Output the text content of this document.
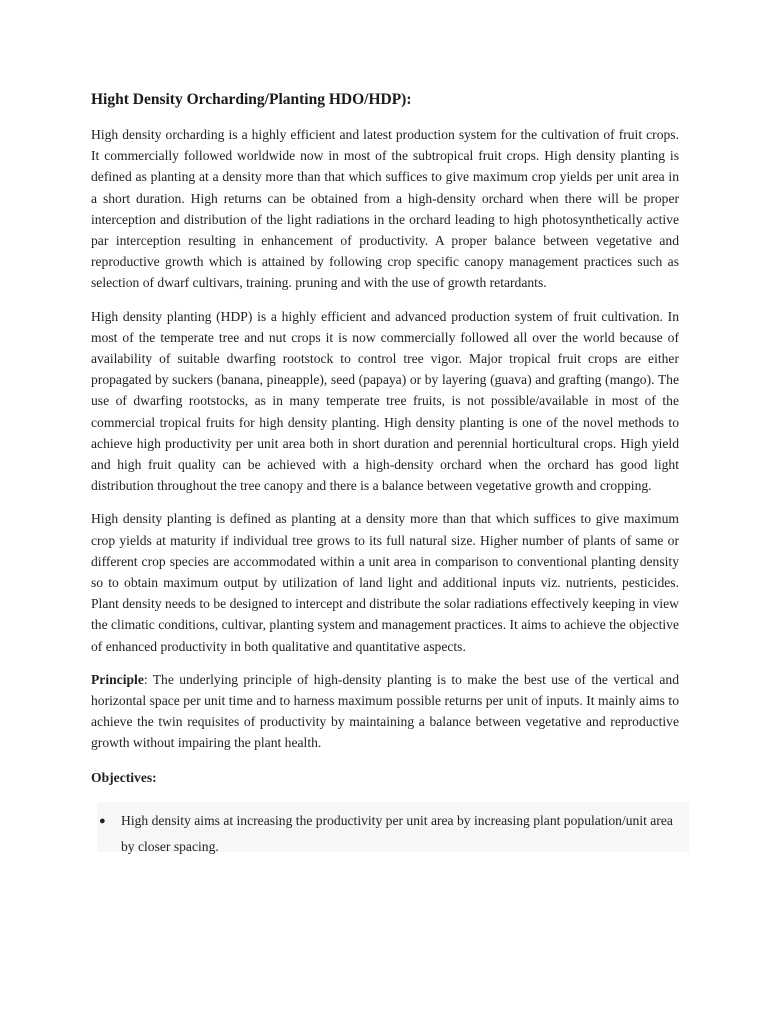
Hight Density Orcharding/Planting HDO/HDP):

High density orcharding is a highly efficient and latest production system for the cultivation of fruit crops. It commercially followed worldwide now in most of the subtropical fruit crops. High density planting is defined as planting at a density more than that which suffices to give maximum crop yields per unit area in a short duration. High returns can be obtained from a high-density orchard when there will be proper interception and distribution of the light radiations in the orchard leading to high photosynthetically active par interception resulting in enhancement of productivity. A proper balance between vegetative and reproductive growth which is attained by following crop specific canopy management practices such as selection of dwarf cultivars, training. pruning and with the use of growth retardants.

High density planting (HDP) is a highly efficient and advanced production system of fruit cultivation. In most of the temperate tree and nut crops it is now commercially followed all over the world because of availability of suitable dwarfing rootstock to control tree vigor. Major tropical fruit crops are either propagated by suckers (banana, pineapple), seed (papaya) or by layering (guava) and grafting (mango). The use of dwarfing rootstocks, as in many temperate tree fruits, is not possible/available in most of the commercial tropical fruits for high density planting. High density planting is one of the novel methods to achieve high productivity per unit area both in short duration and perennial horticultural crops. High yield and high fruit quality can be achieved with a high-density orchard when the orchard has good light distribution throughout the tree canopy and there is a balance between vegetative growth and cropping.

High density planting is defined as planting at a density more than that which suffices to give maximum crop yields at maturity if individual tree grows to its full natural size. Higher number of plants of same or different crop species are accommodated within a unit area in comparison to conventional planting density so to obtain maximum output by utilization of land light and additional inputs viz. nutrients, pesticides. Plant density needs to be designed to intercept and distribute the solar radiations effectively keeping in view the climatic conditions, cultivar, planting system and management practices. It aims to achieve the objective of enhanced productivity in both qualitative and quantitative aspects.

Principle: The underlying principle of high-density planting is to make the best use of the vertical and horizontal space per unit time and to harness maximum possible returns per unit of inputs. It mainly aims to achieve the twin requisites of productivity by maintaining a balance between vegetative and reproductive growth without impairing the plant health.

Objectives:
● High density aims at increasing the productivity per unit area by increasing plant population/unit area by closer spacing.
